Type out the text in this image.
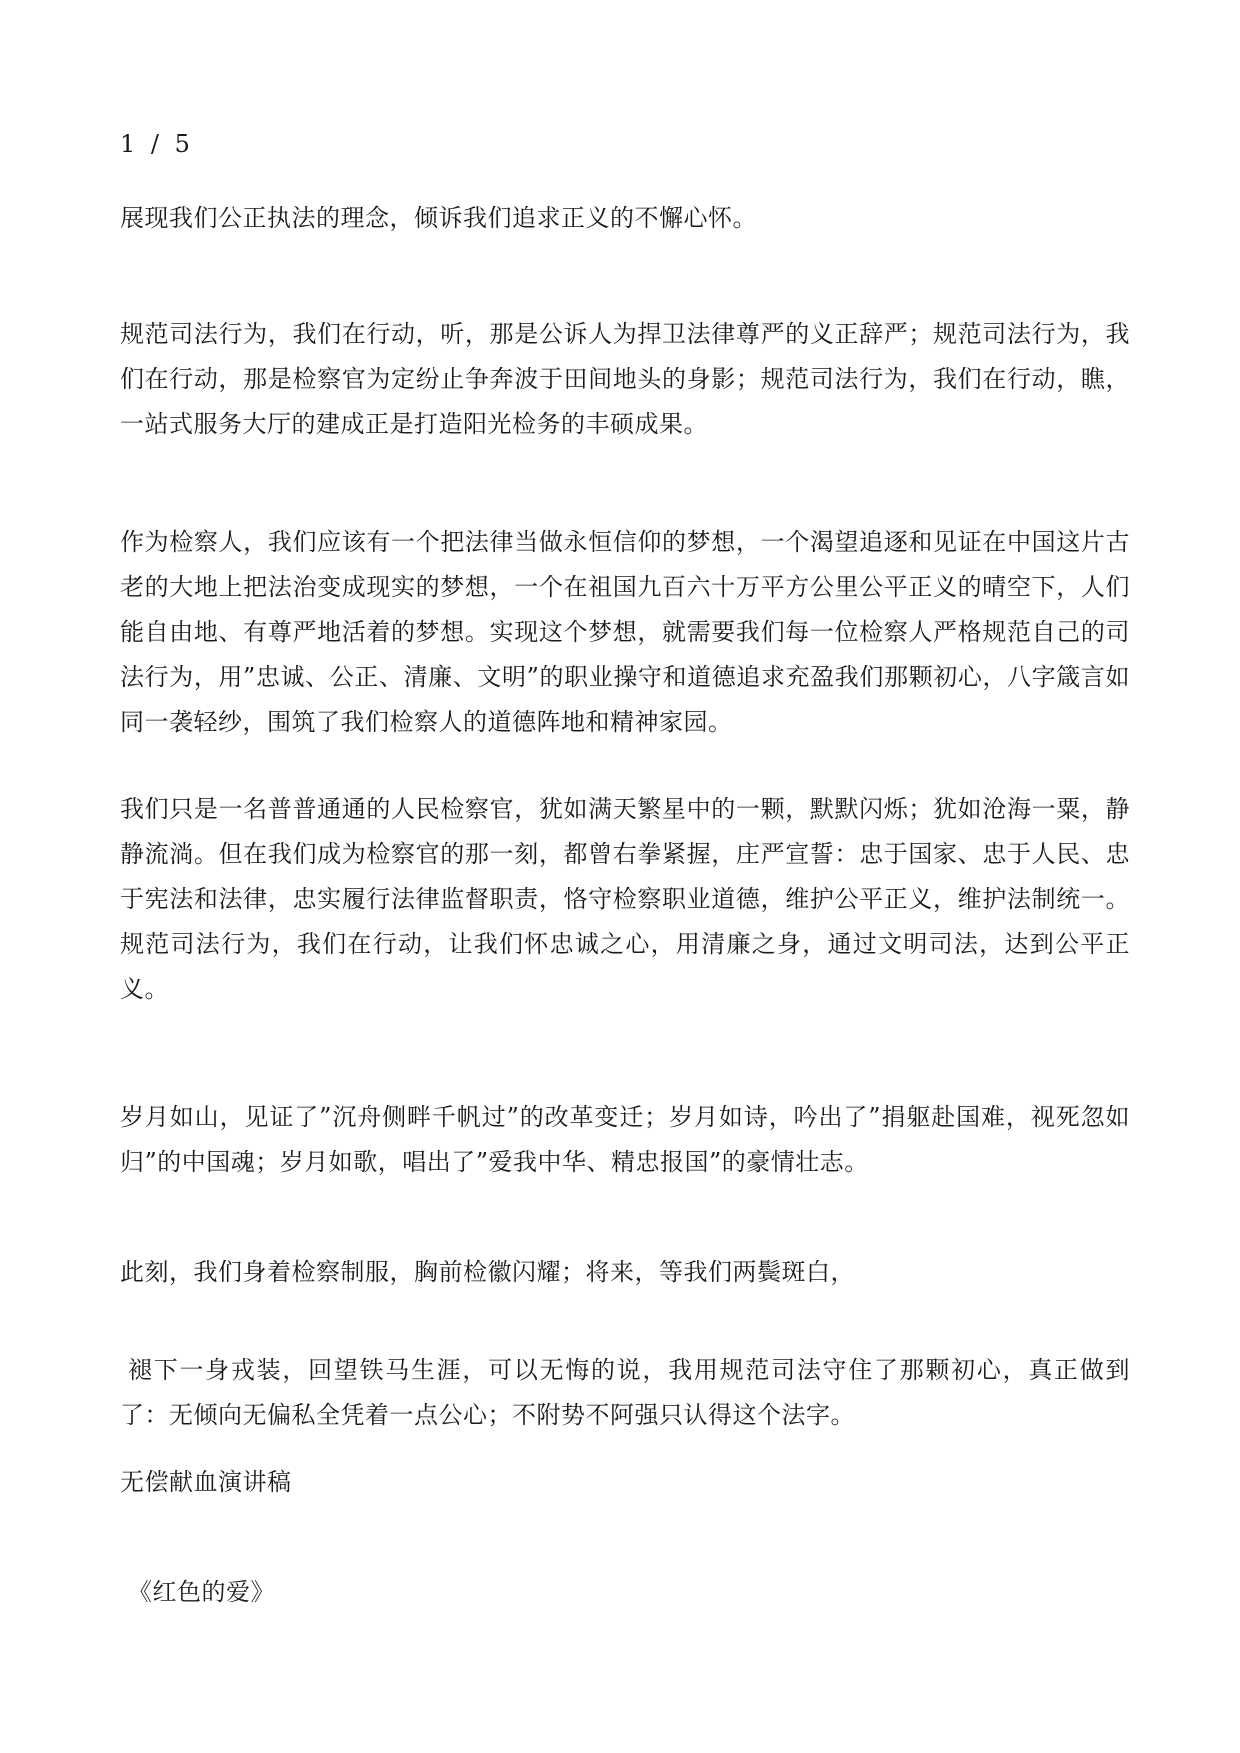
1 / 5

展现我们公正执法的理念，倾诉我们追求正义的不懈心怀。

规范司法行为，我们在行动，听，那是公诉人为捍卫法律尊严的义正辞严；规范司法行为，我们在行动，那是检察官为定纷止争奔波于田间地头的身影；规范司法行为，我们在行动，瞧，一站式服务大厅的建成正是打造阳光检务的丰硕成果。

作为检察人，我们应该有一个把法律当做永恒信仰的梦想，一个渴望追逐和见证在中国这片古老的大地上把法治变成现实的梦想，一个在祖国九百六十万平方公里公平正义的晴空下，人们能自由地、有尊严地活着的梦想。实现这个梦想，就需要我们每一位检察人严格规范自己的司法行为，用”忠诚、公正、清廉、文明”的职业操守和道德追求充盈我们那颗初心，八字箴言如同一袭轻纱，围筑了我们检察人的道德阵地和精神家园。

我们只是一名普普通通的人民检察官，犹如满天繁星中的一颗，默默闪烁；犹如沧海一粟，静静流淌。但在我们成为检察官的那一刻，都曾右拳紧握，庄严宣誓：忠于国家、忠于人民、忠于宪法和法律，忠实履行法律监督职责，恪守检察职业道德，维护公平正义，维护法制统一。规范司法行为，我们在行动，让我们怀忠诚之心，用清廉之身，通过文明司法，达到公平正义。

岁月如山，见证了”沉舟侧畔千帆过”的改革变迁；岁月如诗，吟出了”捐躯赴国难，视死忽如归”的中国魂；岁月如歌，唱出了”爱我中华、精忠报国”的豪情壮志。

此刻，我们身着检察制服，胸前检徽闪耀；将来，等我们两鬓斑白，

褪下一身戎装，回望铁马生涯，可以无悔的说，我用规范司法守住了那颗初心，真正做到了：无倾向无偏私全凭着一点公心；不附势不阿强只认得这个法字。

无偿献血演讲稿

《红色的爱》
